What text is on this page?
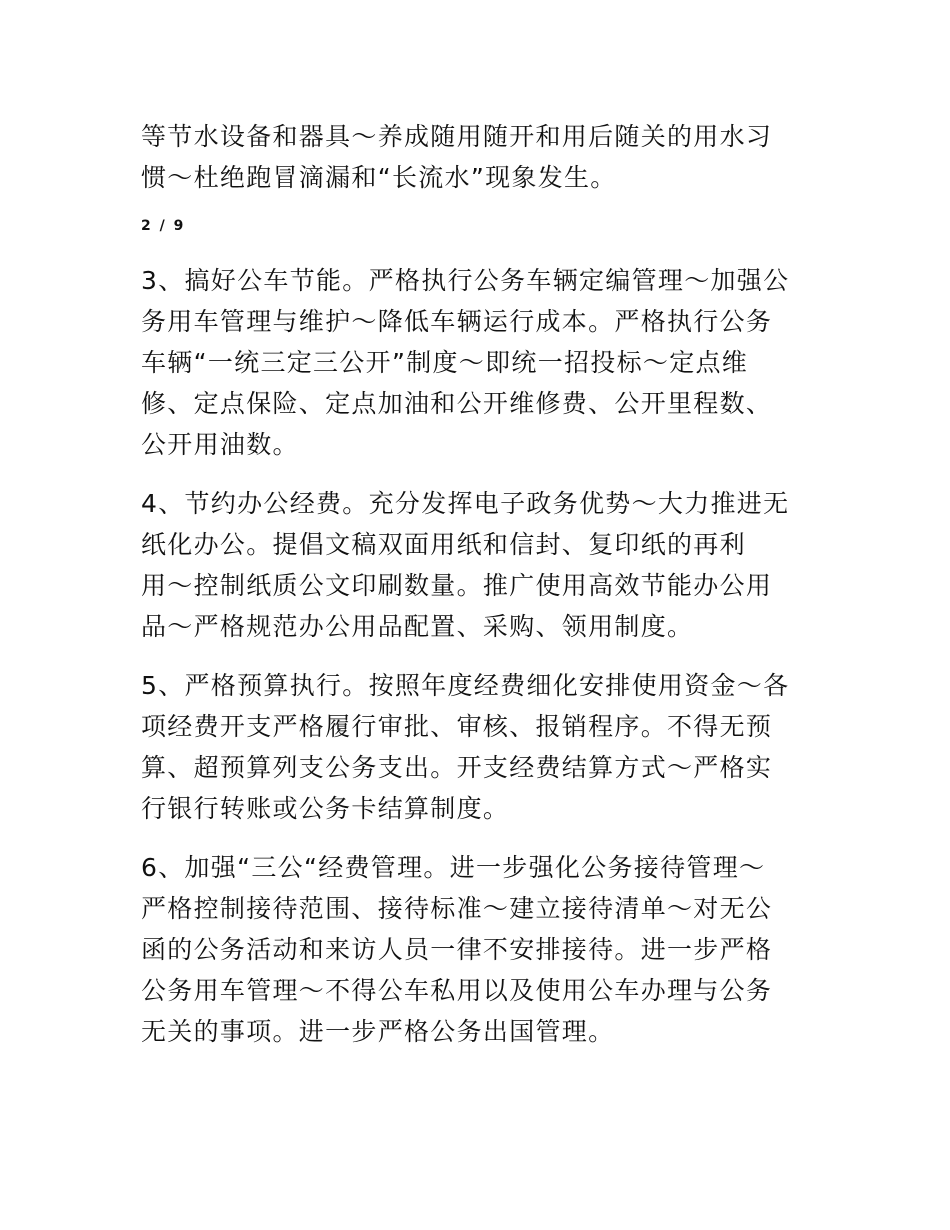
等节水设备和器具～养成随用随开和用后随关的用水习
惯～杜绝跑冒滴漏和“长流水”现象发生。
2 / 9
3、搞好公车节能。严格执行公务车辆定编管理～加强公
务用车管理与维护～降低车辆运行成本。严格执行公务
车辆“一统三定三公开”制度～即统一招投标～定点维
修、定点保险、定点加油和公开维修费、公开里程数、
公开用油数。
4、节约办公经费。充分发挥电子政务优势～大力推进无
纸化办公。提倡文稿双面用纸和信封、复印纸的再利
用～控制纸质公文印刷数量。推广使用高效节能办公用
品～严格规范办公用品配置、采购、领用制度。
5、严格预算执行。按照年度经费细化安排使用资金～各
项经费开支严格履行审批、审核、报销程序。不得无预
算、超预算列支公务支出。开支经费结算方式～严格实
行银行转账或公务卡结算制度。
6、加强“三公“经费管理。进一步强化公务接待管理～
严格控制接待范围、接待标准～建立接待清单～对无公
函的公务活动和来访人员一律不安排接待。进一步严格
公务用车管理～不得公车私用以及使用公车办理与公务
无关的事项。进一步严格公务出国管理。
